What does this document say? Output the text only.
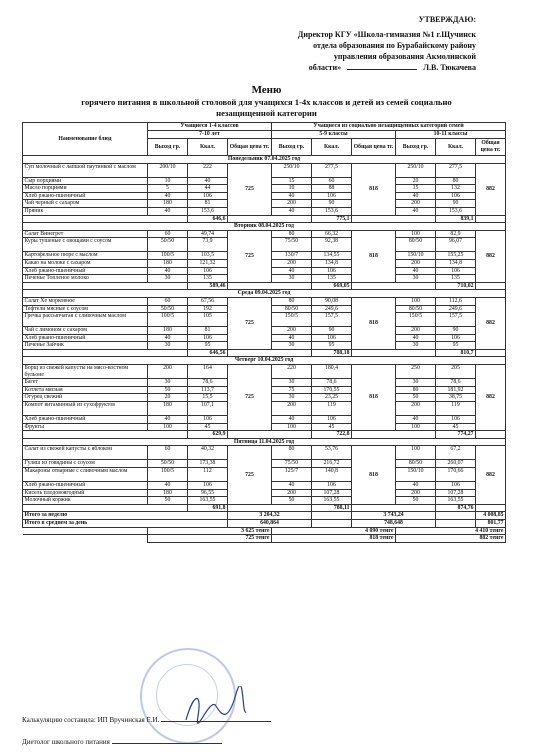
УТВЕРЖДАЮ:
Директор КГУ «Школа-гимназия №1 г.Щучинск
отдела образования по Бурабайскому району
управления образования Акмолинской
области»	Л.В. Тюкачева
Меню
горячего питания в школьной столовой для учащихся 1-4х классов и детей из семей социально
незащищенной категории
Наименование блюд	Учащиеся 1-4 классов			Учащиеся из социально незащищенных категорий семей					
	7-10 лет			5-9 классы			10-11 классы		
	Выход гр.	Ккал.	Общая цена тг.	Выход гр.	Ккал.	Общая цена тг.	Выход гр.	Ккал.	Общая цена тг.
Понедельник 07.04.2025 год									
Суп молочный с лапшой паутинкой с маслом	200/10	222	725	250/10	277,5	818	250/10	277,5	882
Сыр порциями	10	40		15	60		20	80	
Масло порциями	5	44		10	88		15	132	
Хлеб ржано-пшеничный	40	106		40	106		40	106	
Чай черный с сахаром	180	81		200	90		200	90	
Пряник	40	153,6		40	153,6		40	153,6	
		646,6			775,1			839,1	
Вторник 08.04.2025 год									
Салат Винегрет	60	49,74	725	80	66,32	818	100	82,9	882
Куры тушеные с овощами с соусом	50/50	73,9		75/50	92,38		80/50	96,07	
Картофельное пюре с маслом	100/5	103,5		130/7	134,55		150/10	155,25	
Какао на молоке с сахаром	180	121,32		200	134,8		200	134,8	
Хлеб ржано-пшеничный	40	106		40	106		40	106	
Печенье Топленое молоко	30	135		30	135		30	135	
		589,46			669,05			710,02	
Среда 09.04.2025 год									
Салат Хе морковное	60	67,56	725	80	90,08	818	100	112,6	882
Тефтели мясные с соусом	50/50	192		80/50	249,6		80/50	249,6	
Гречка рассыпчатая с сливочным маслом	100/5	105		150/5	157,5		150/5	157,5	
Чай с лимоном с сахаром	180	81		200	90		200	90	
Хлеб ржано-пшеничный	40	106		40	106		40	106	
Печенье Зайчик	30	95		30	95		30	95	
		646,56			788,18			810,7	
Четверг 10.04.2025 год									
Борщ из свежей капусты на мясо-костном бульоне	200	164	725	220	180,4	818	250	205	882
Багет	30	78,6		30	78,6		30	78,6	
Котлета мясная	50	113,7		75	170,55		80	181,92	
Огурец свежий	20	15,5		30	23,25		50	38,75	
Компот витаминный из сухофруктов	180	107,1		200	119		200	119	
Хлеб ржано-пшеничный	40	106		40	106		40	106	
Фрукты	100	45		100	45		100	45	
		629,9			722,8			774,27	
Пятница 11.04.2025 год									
Салат из свежей капусты с яблоком	60	40,32	725	80	53,76	818	100	67,2	882
Гуляш из говядины с соусом	50/50	173,38		75/50	216,72		80/50	260,07	
Макароны отварные с сливочным маслом	100/5	112		125/7	140,8		150/10	170,66	
Хлеб ржано-пшеничный	40	106		40	106		40	106	
Кисель плодовоягодный	180	96,55		200	107,28		200	107,28	
Молочный коржик	50	163,55		50	163,55		50	163,55	
		691,8			788,11			874,76	
Итого за неделю			3 204,32			3 743,24			4 008,85
Итого в среднем за день			640,864			748,648			801,77
	3 625 тенге			4 090 тенге			4 410 тенге		
	725 тенге			818 тенге			882 тенге		
Калькуляцию составила: ИП Вручинская Е.И.
Диетолог школьного питания
